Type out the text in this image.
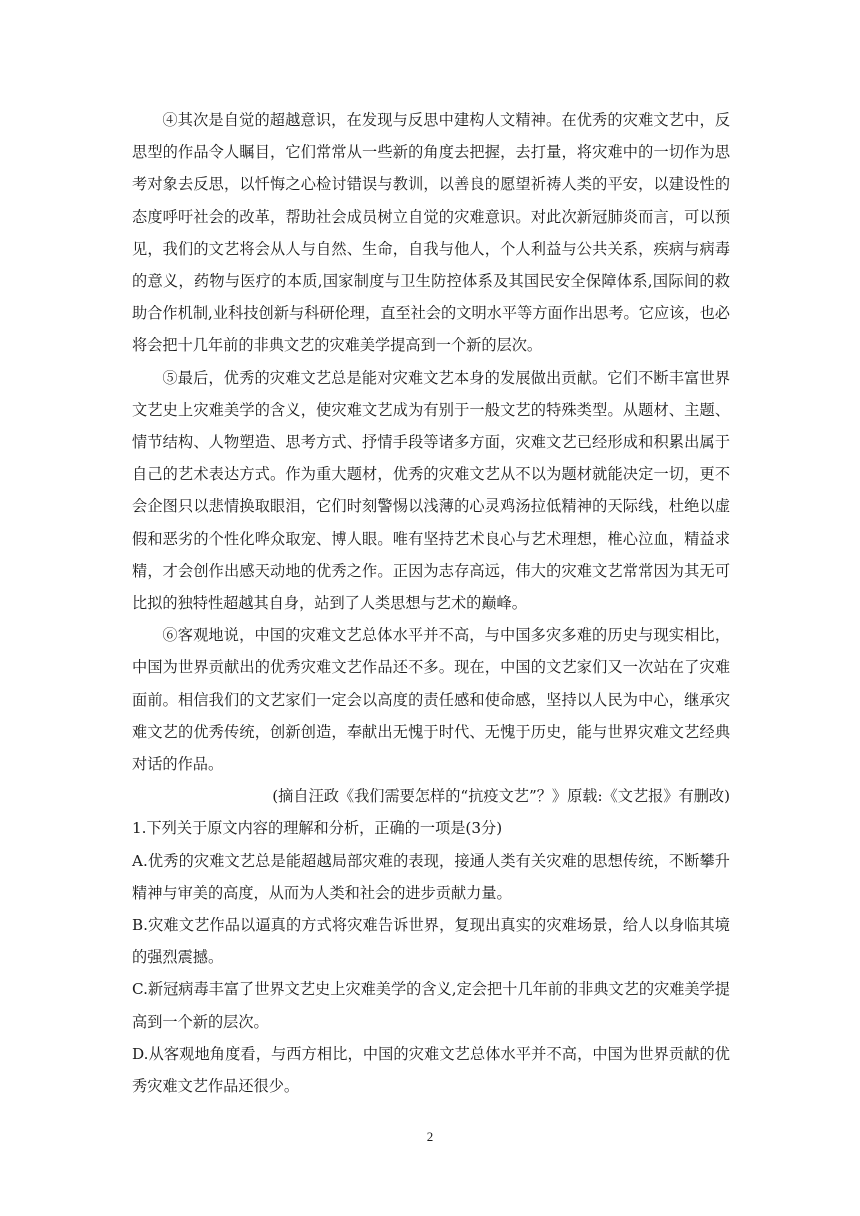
④其次是自觉的超越意识，在发现与反思中建构人文精神。在优秀的灾难文艺中，反思型的作品令人瞩目，它们常常从一些新的角度去把握，去打量，将灾难中的一切作为思考对象去反思，以忏悔之心检讨错误与教训，以善良的愿望祈祷人类的平安，以建设性的态度呼吁社会的改革，帮助社会成员树立自觉的灾难意识。对此次新冠肺炎而言，可以预见，我们的文艺将会从人与自然、生命，自我与他人，个人利益与公共关系，疾病与病毒的意义，药物与医疗的本质,国家制度与卫生防控体系及其国民安全保障体系,国际间的救助合作机制,业科技创新与科研伦理，直至社会的文明水平等方面作出思考。它应该，也必将会把十几年前的非典文艺的灾难美学提高到一个新的层次。

⑤最后，优秀的灾难文艺总是能对灾难文艺本身的发展做出贡献。它们不断丰富世界文艺史上灾难美学的含义，使灾难文艺成为有别于一般文艺的特殊类型。从题材、主题、情节结构、人物塑造、思考方式、抒情手段等诸多方面，灾难文艺已经形成和积累出属于自己的艺术表达方式。作为重大题材，优秀的灾难文艺从不以为题材就能决定一切，更不会企图只以悲情换取眼泪，它们时刻警惕以浅薄的心灵鸡汤拉低精神的天际线，杜绝以虚假和恶劣的个性化哗众取宠、博人眼。唯有坚持艺术良心与艺术理想，椎心泣血，精益求精，才会创作出感天动地的优秀之作。正因为志存高远，伟大的灾难文艺常常因为其无可比拟的独特性超越其自身，站到了人类思想与艺术的巅峰。

⑥客观地说，中国的灾难文艺总体水平并不高，与中国多灾多难的历史与现实相比，中国为世界贡献出的优秀灾难文艺作品还不多。现在，中国的文艺家们又一次站在了灾难面前。相信我们的文艺家们一定会以高度的责任感和使命感，坚持以人民为中心，继承灾难文艺的优秀传统，创新创造，奉献出无愧于时代、无愧于历史，能与世界灾难文艺经典对话的作品。

(摘自汪政《我们需要怎样的“抗疫文艺”？》原载:《文艺报》有删改)

1.下列关于原文内容的理解和分析，正确的一项是(3分)

A.优秀的灾难文艺总是能超越局部灾难的表现，接通人类有关灾难的思想传统，不断攀升精神与审美的高度，从而为人类和社会的进步贡献力量。

B.灾难文艺作品以逼真的方式将灾难告诉世界，复现出真实的灾难场景，给人以身临其境的强烈震撼。

C.新冠病毒丰富了世界文艺史上灾难美学的含义,定会把十几年前的非典文艺的灾难美学提高到一个新的层次。

D.从客观地角度看，与西方相比，中国的灾难文艺总体水平并不高，中国为世界贡献的优秀灾难文艺作品还很少。

2
